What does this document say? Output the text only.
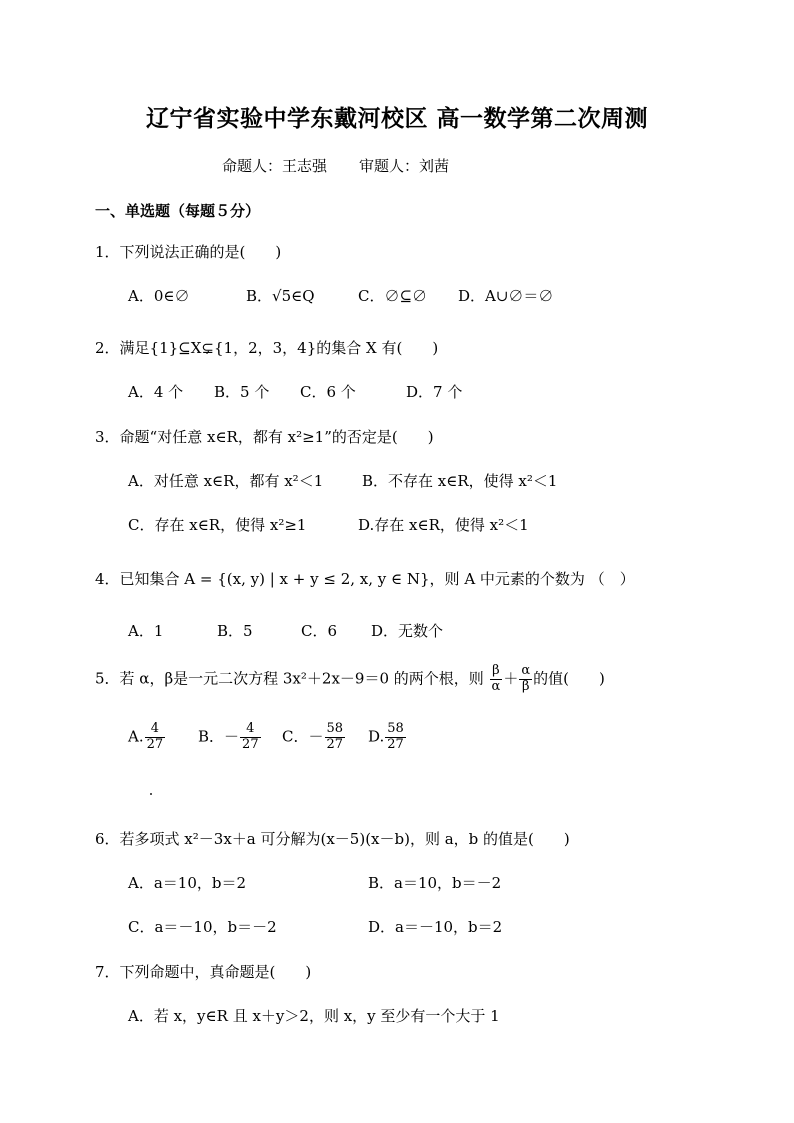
辽宁省实验中学东戴河校区 高一数学第二次周测
命题人：王志强 审题人：刘茜
一、单选题（每题５分）
1．下列说法正确的是(　　)
A．0∈∅	B．√5∈Q	C．∅⊆∅ D．A∪∅＝∅
2．满足{1}⊆X⊊{1，2，3，4}的集合 X 有(　　)
A．4 个 B．5 个 C．6 个	D．7 个
3．命题“对任意 x∈R，都有 x²≥1”的否定是(　　)
A．对任意 x∈R，都有 x²＜1	B．不存在 x∈R，使得 x²＜1
C．存在 x∈R，使得 x²≥1	D.存在 x∈R，使得 x²＜1
4．已知集合 A = {(x, y) | x + y ≤ 2, x, y ∈ N}，则 A 中元素的个数为 （　）
A．1	B．5	C．6 D．无数个
5．若 α，β是一元二次方程 3x²＋2x－9＝0 的两个根，则 $\frac{\beta}{\alpha} + \frac{\alpha}{\beta}$ 的值(　　)
A. $\frac{4}{27}$ B．－ $\frac{4}{27}$ C．－ $\frac{58}{27} D$. $\frac{58}{27}$
6．若多项式 x²－3x＋a 可分解为(x－5)(x－b)，则 a，b 的值是(　　)
A．a＝10，b＝2	B．a＝10，b＝－2
C．a＝－10，b＝－2	D．a＝－10，b＝2
7．下列命题中，真命题是(　　)
A．若 x，y∈R 且 x＋y＞2，则 x，y 至少有一个大于 1
